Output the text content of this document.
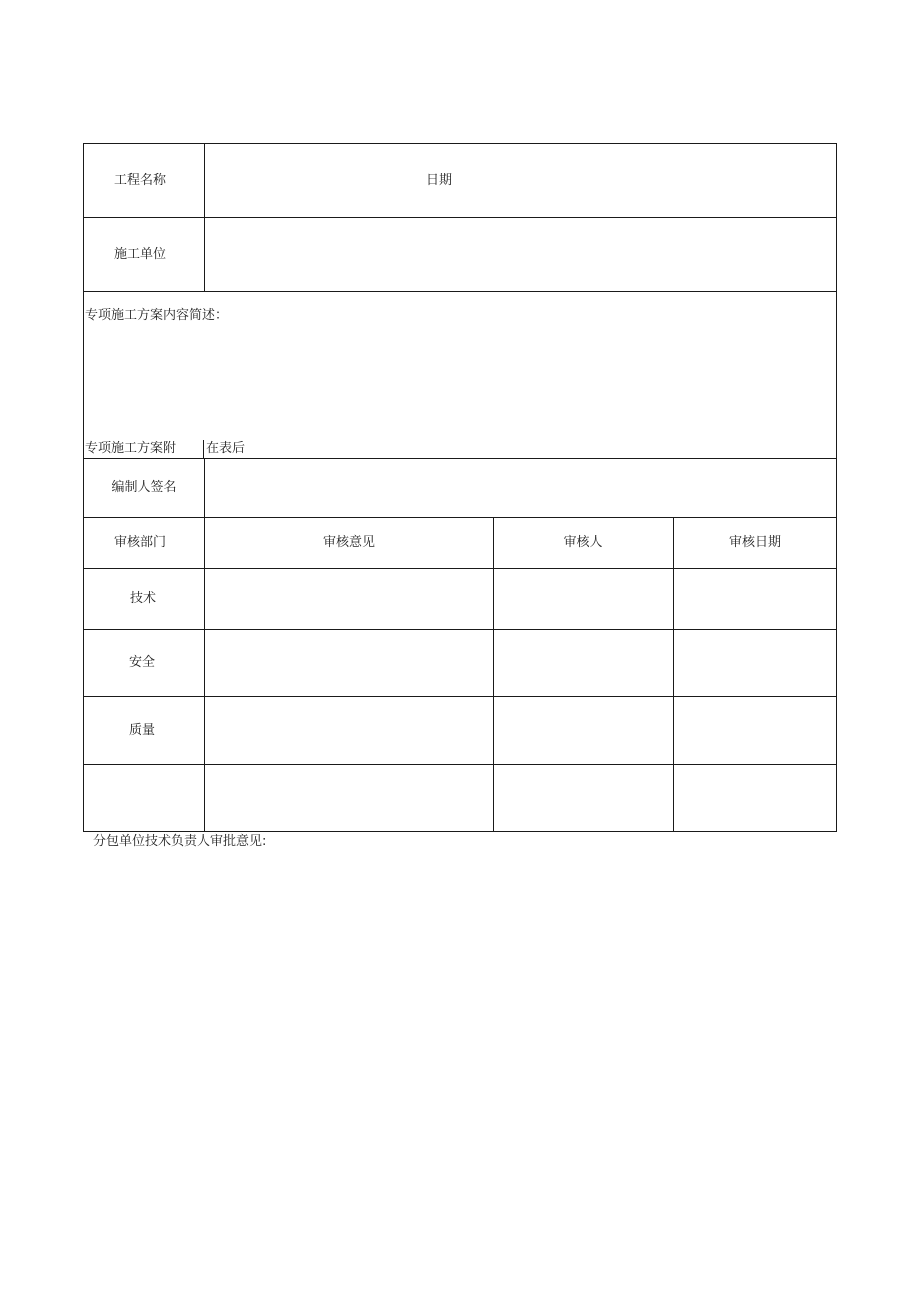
工程名称	日期
施工单位
专项施工方案内容简述：
专项施工方案附 在表后
编制人签名
审核部门	审核意见	审核人	审核日期
技术
安全
质量
分包单位技术负责人审批意见:
